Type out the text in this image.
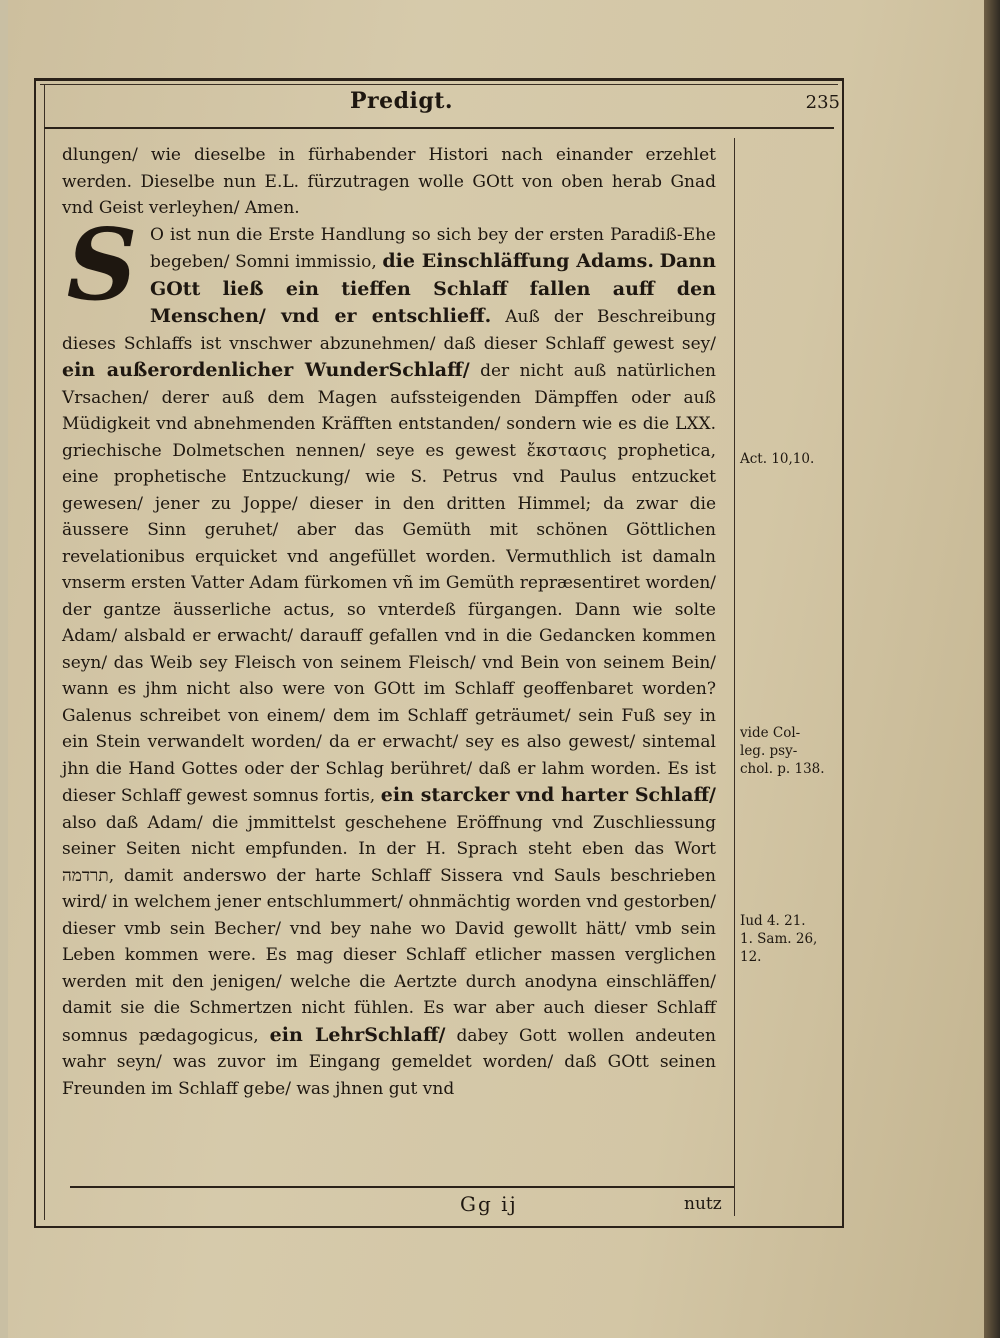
Predigt.	235

dlungen/ wie dieselbe in fürhabender Histori nach einander erzehlet werden. Dieselbe nun E.L. fürzutragen wolle GOtt von oben herab Gnad vnd Geist verleyhen/ Amen.

S O ist nun die Erste Handlung so sich bey der ersten Paradiß-Ehe begeben/ Somni immissio, die Einschläffung Adams. Dann GOtt ließ ein tieffen Schlaff fallen auff den Menschen/ vnd er entschlieff. Auß der Beschreibung dieses Schlaffs ist vnschwer abzunehmen/ daß dieser Schlaff gewest sey/ ein außerordenlicher WunderSchlaff/ der nicht auß natürlichen Vrsachen/ derer auß dem Magen aufssteigenden Dämpffen oder auß Müdigkeit vnd abnehmenden Kräfften entstanden/ sondern wie es die LXX. griechische Dolmetschen nennen/ seye es gewest ἔκστασις prophetica, eine prophetische Entzuckung/ wie S. Petrus vnd Paulus entzucket gewesen/ jener zu Joppe/ dieser in den dritten Himmel; da zwar die äussere Sinn geruhet/ aber das Gemüth mit schönen Göttlichen revelationibus erquicket vnd angefüllet worden. Vermuthlich ist damaln vnserm ersten Vatter Adam fürkomen vñ im Gemüth repræsentiret worden/ der gantze äusserliche actus, so vnterdeß fürgangen. Dann wie solte Adam/ alsbald er erwacht/ darauff gefallen vnd in die Gedancken kommen seyn/ das Weib sey Fleisch von seinem Fleisch/ vnd Bein von seinem Bein/ wann es jhm nicht also were von GOtt im Schlaff geoffenbaret worden? Galenus schreibet von einem/ dem im Schlaff geträumet/ sein Fuß sey in ein Stein verwandelt worden/ da er erwacht/ sey es also gewest/ sintemal jhn die Hand Gottes oder der Schlag berühret/ daß er lahm worden. Es ist dieser Schlaff gewest somnus fortis, ein starcker vnd harter Schlaff/ also daß Adam/ die jmmittelst geschehene Eröffnung vnd Zuschliessung seiner Seiten nicht empfunden. In der H. Sprach steht eben das Wort תרדמה, damit anderswo der harte Schlaff Sissera vnd Sauls beschrieben wird/ in welchem jener entschlummert/ ohnmächtig worden vnd gestorben/ dieser vmb sein Becher/ vnd bey nahe wo David gewollt hätt/ vmb sein Leben kommen were. Es mag dieser Schlaff etlicher massen verglichen werden mit den jenigen/ welche die Aertzte durch anodyna einschläffen/ damit sie die Schmertzen nicht fühlen. Es war aber auch dieser Schlaff somnus pædagogicus, ein LehrSchlaff/ dabey Gott wollen andeuten wahr seyn/ was zuvor im Eingang gemeldet worden/ daß GOtt seinen Freunden im Schlaff gebe/ was jhnen gut vnd

Act. 10,10.
vide Col-
leg. psy-
chol. p. 138.
Iud 4. 21.
1. Sam. 26,
12.
Gg ij	nutz
